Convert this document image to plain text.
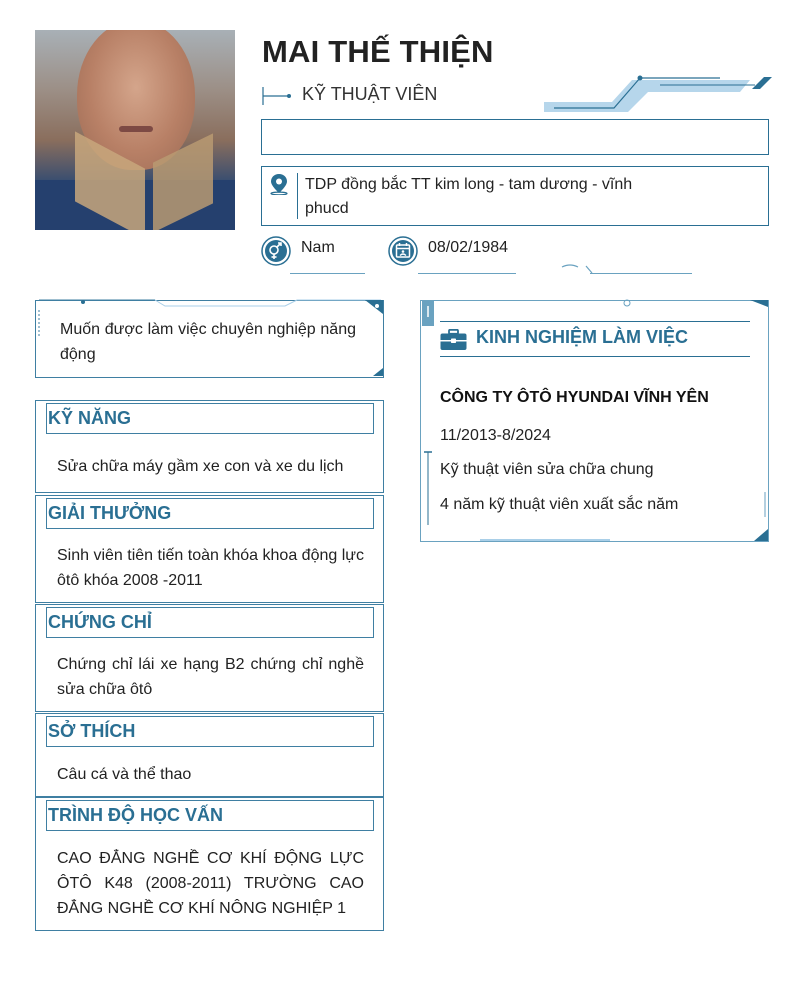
MAI THẾ THIỆN
KỸ THUẬT VIÊN
TDP đồng bắc TT kim long - tam dương - vĩnh phucd
Nam	08/02/1984
Muốn được làm việc chuyên nghiệp năng động
KỸ NĂNG
Sửa chữa máy gầm xe con và xe du lịch
GIẢI THƯỞNG
Sinh viên tiên tiến toàn khóa khoa động lực ôtô khóa 2008 -2011
CHỨNG CHỈ
Chứng chỉ lái xe hạng B2 chứng chỉ nghề sửa chữa ôtô
SỞ THÍCH
Câu cá và thể thao
TRÌNH ĐỘ HỌC VẤN
CAO ĐẲNG NGHỀ CƠ KHÍ ĐỘNG LỰC ÔTÔ K48 (2008-2011) TRƯỜNG CAO ĐẲNG NGHỀ CƠ KHÍ NÔNG NGHIỆP 1
KINH NGHIỆM LÀM VIỆC
CÔNG TY ÔTÔ HYUNDAI VĨNH YÊN
11/2013-8/2024
Kỹ thuật viên sửa chữa chung
4 năm kỹ thuật viên xuất sắc năm
